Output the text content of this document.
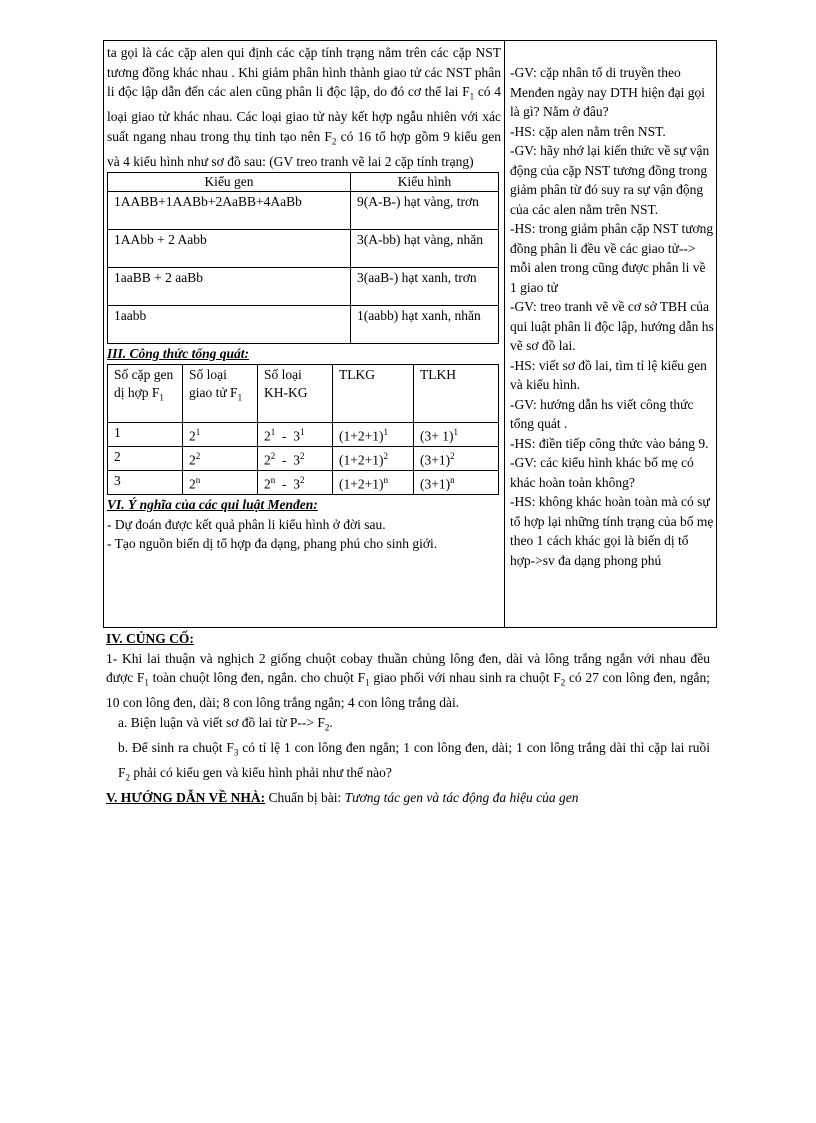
ta gọi là các cặp alen qui định các cặp tính trạng nằm trên các cặp NST tương đồng khác nhau . Khi giảm phân hình thành giao tử các NST phân li độc lập dẫn đến các alen cũng phân li độc lập, do đó cơ thể lai $F_1$ có 4 loại giao tử khác nhau. Các loại giao tử này kết hợp ngẫu nhiên với xác suất ngang nhau trong thụ tinh tạo nên $F_2$ có 16 tổ hợp gồm 9 kiểu gen và 4 kiểu hình như sơ đồ sau: (GV treo tranh vẽ lai 2 cặp tính trạng)

Kiểu gen	Kiểu hình
1AABB+1AABb+2AaBB+4AaBb	9(A-B-) hạt vàng, trơn
1AAbb + 2 Aabb	3(A-bb) hạt vàng, nhăn
1aaBB + 2 aaBb	3(aaB-) hạt xanh, trơn
1aabb	1(aabb) hạt xanh, nhăn

III. Công thức tổng quát:

Số cặp gen dị hợp $F_1$	Số loại giao tử $F_1$	Số loại KH-KG	TLKG	TLKH
1	$2^1$	$2^1 - 3^1$	$(1+2+1)^1$	$(3+ 1)^1$
2	$2^2$	$2^2 - 3^2$	$(1+2+1)^2$	$(3+1)^2$
3	2$^n$	$2^n - 3^2$	$(1+2+1)^n$	$(3+1)^n$

VI. Ý nghĩa của các qui luật Menđen:

- Dự đoán được kết quả phân li kiểu hình ở đời sau.

- Tạo nguồn biến dị tổ hợp đa dạng, phang phú cho sinh giới.

-GV: cặp nhân tố di truyền theo Menđen ngày nay DTH hiện đại gọi là gì? Nằm ở đâu?

-HS: cặp alen nằm trên NST.

-GV: hãy nhớ lại kiến thức về sự vận động của cặp NST tương đồng trong giảm phân từ đó suy ra sự vận động của các alen nằm trên NST.

-HS: trong giảm phân cặp NST tương đồng phân li đều về các giao tử--> mỗi alen trong cũng được phân li về 1 giao tử

-GV: treo tranh vẽ về cơ sở TBH của qui luật phân li độc lập, hướng dẫn hs vẽ sơ đồ lai.

-HS: viết sơ đồ lai, tìm tỉ lệ kiểu gen và kiểu hình.

-GV: hướng dẫn hs viết công thức tổng quát .

-HS: điền tiếp công thức vào bảng 9.

-GV: các kiểu hình khác bố mẹ có khác hoàn toàn không?

-HS: không khác hoàn toàn mà có sự tổ hợp lại những tính trạng của bố mẹ theo 1 cách khác gọi là biến dị tổ hợp->sv đa dạng phong phú

IV. CỦNG CỐ:

1- Khi lai thuận và nghịch 2 giống chuột cobay thuần chủng lông đen, dài và lông trắng ngắn với nhau đều được $F_1$ toàn chuột lông đen, ngắn. cho chuột $F_1$ giao phối với nhau sinh ra chuột $F_2$ có 27 con lông đen, ngắn; 10 con lông đen, dài; 8 con lông trắng ngắn; 4 con lông trắng dài.

a. Biện luận và viết sơ đồ lai từ $P--> F_2$.

b. Để sinh ra chuột $F_3$ có tỉ lệ 1 con lông đen ngắn; 1 con lông đen, dài; 1 con lông trắng dài thì cặp lai ruồi $F_2$ phải có kiểu gen và kiểu hình phải như thế nào?

V. HƯỚNG DẪN VỀ NHÀ: Chuẩn bị bài: Tương tác gen và tác động đa hiệu của gen
